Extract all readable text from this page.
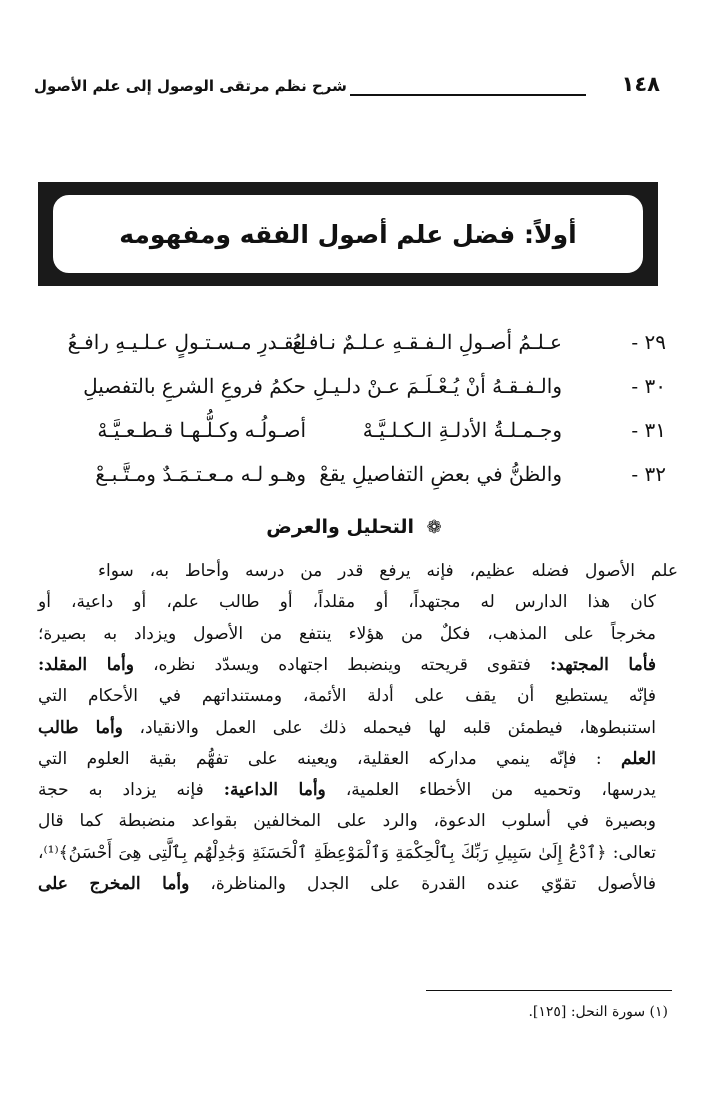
١٤٨
شرح نظم مرتقى الوصول إلى علم الأصول
أولاً: فضل علم أصول الفقه ومفهومه
٢٩ -
عـلـمُ أصـولِ الـفـقـهِ عـلـمٌ نـافـعُ
لـقـدرِ مـسـتـولٍ عـلـيـهِ رافـعُ
٣٠ -
والـفـقـهُ أنْ يُـعْـلَـمَ عـنْ دلـيـلِ
حكمُ فروعِ الشرعِ بالتفصيلِ
٣١ -
وجـمـلـةُ الأدلـةِ الـكـلـيَّـهْ
أصـولُـه وكـلُّـهـا قـطـعـيَّـهْ
٣٢ -
والظنُّ في بعضِ التفاصيلِ يقعْ
وهـو لـه مـعـتـمَـدٌ ومـتَّـبـعْ
❁ التحليل والعرض
علم الأصول فضله عظيم، فإنه يرفع قدر من درسه وأحاط به، سواء
كان هذا الدارس له مجتهداً، أو مقلداً، أو طالب علم، أو داعية، أو
مخرجاً على المذهب، فكلٌ من هؤلاء ينتفع من الأصول ويزداد به بصيرة؛
فأما المجتهد: فتقوى قريحته وينضبط اجتهاده ويسدّد نظره، وأما المقلد:
فإنّه يستطيع أن يقف على أدلة الأئمة، ومستنداتهم في الأحكام التي
استنبطوها، فيطمئن قلبه لها فيحمله ذلك على العمل والانقياد، وأما طالب
العلم : فإنّه ينمي مداركه العقلية، ويعينه على تفهُّم بقية العلوم التي
يدرسها، وتحميه من الأخطاء العلمية، وأما الداعية: فإنه يزداد به حجة
وبصيرة في أسلوب الدعوة، والرد على المخالفين بقواعد منضبطة كما قال
تعالى: ﴿ٱدْعُ إِلَىٰ سَبِيلِ رَبِّكَ بِٱلْحِكْمَةِ وَٱلْمَوْعِظَةِ ٱلْحَسَنَةِ وَجَٰدِلْهُم بِٱلَّتِى هِىَ أَحْسَنُ﴾⁽¹⁾،
فالأصول تقوّي عنده القدرة على الجدل والمناظرة، وأما المخرج على
(١) سورة النحل: [١٢٥].
